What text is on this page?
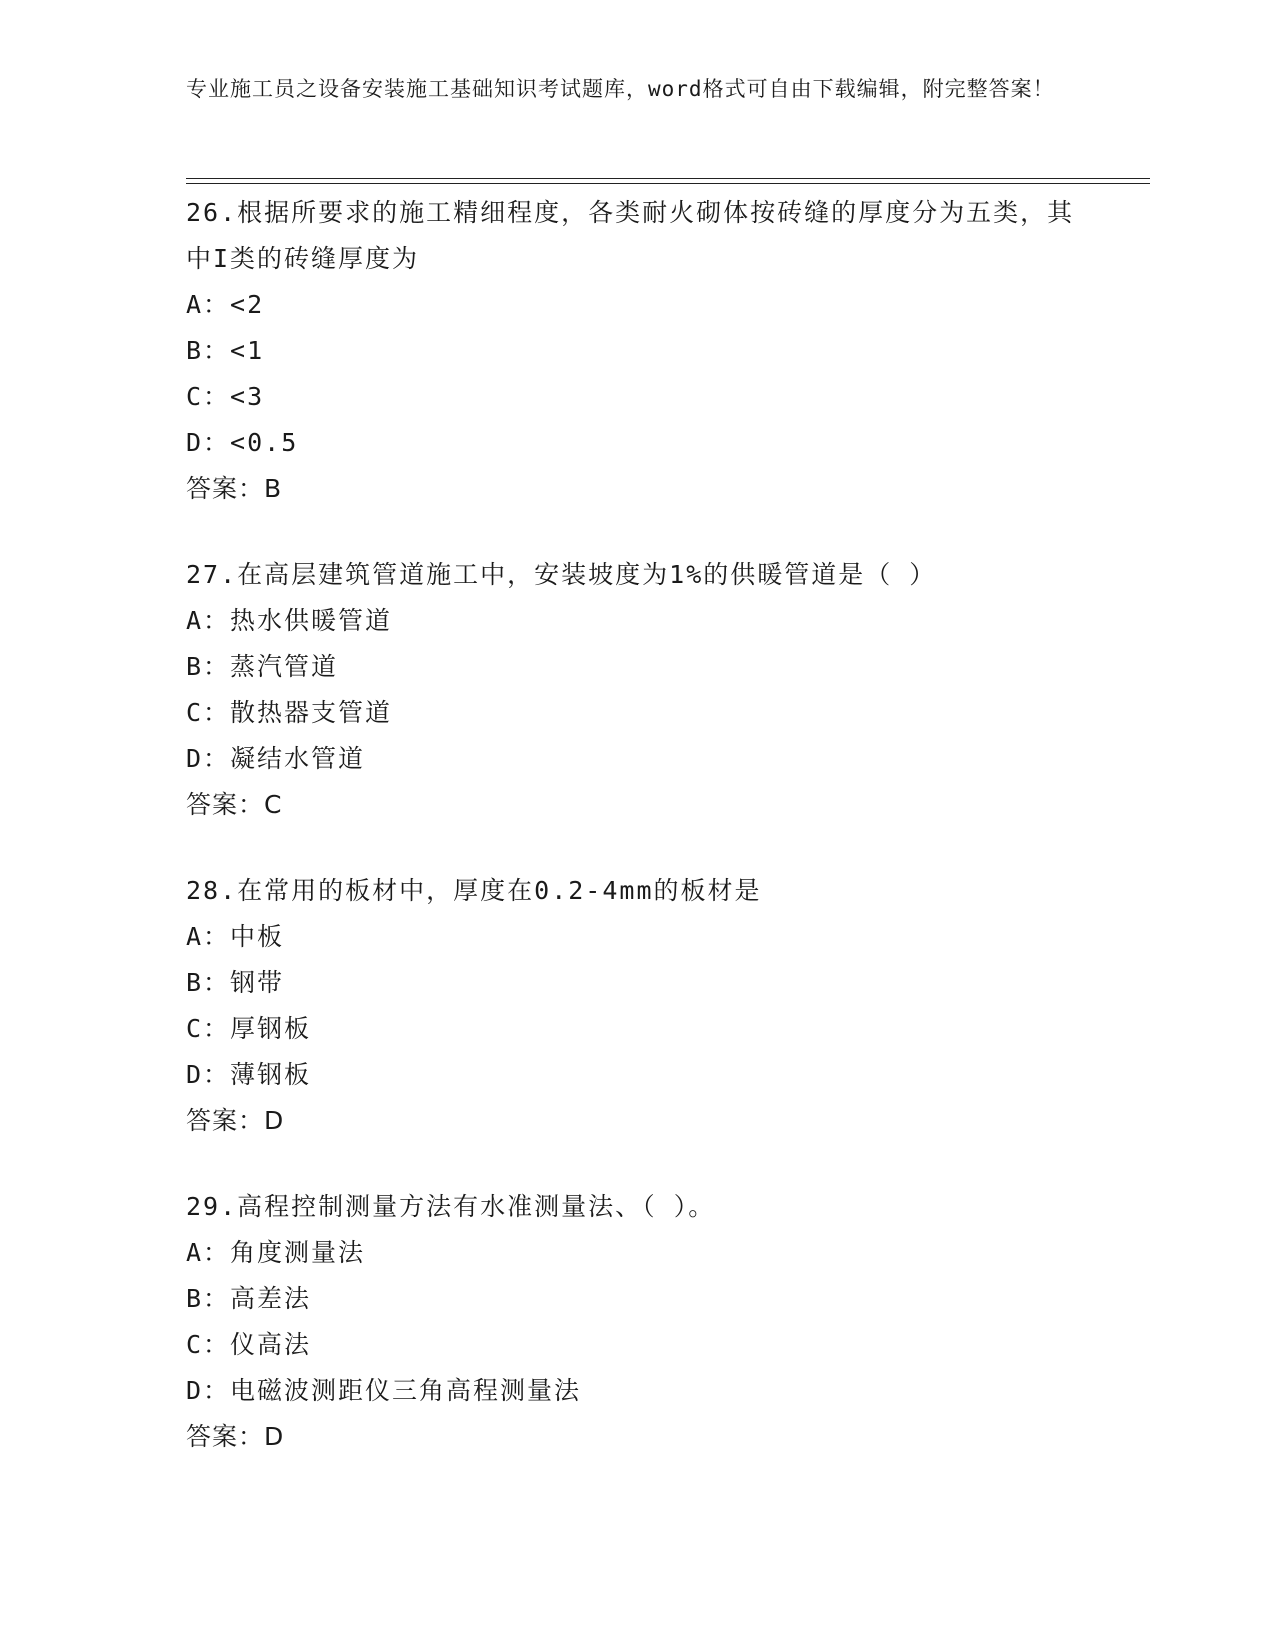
专业施工员之设备安装施工基础知识考试题库，word格式可自由下载编辑，附完整答案！
26.根据所要求的施工精细程度，各类耐火砌体按砖缝的厚度分为五类，其中I类的砖缝厚度为
A：<2
B：<1
C：<3
D：<0.5
答案：B
27.在高层建筑管道施工中，安装坡度为1%的供暖管道是（ ）
A：热水供暖管道
B：蒸汽管道
C：散热器支管道
D：凝结水管道
答案：C
28.在常用的板材中，厚度在0.2-4mm的板材是
A：中板
B：钢带
C：厚钢板
D：薄钢板
答案：D
29.高程控制测量方法有水准测量法、（ ）。
A：角度测量法
B：高差法
C：仪高法
D：电磁波测距仪三角高程测量法
答案：D
